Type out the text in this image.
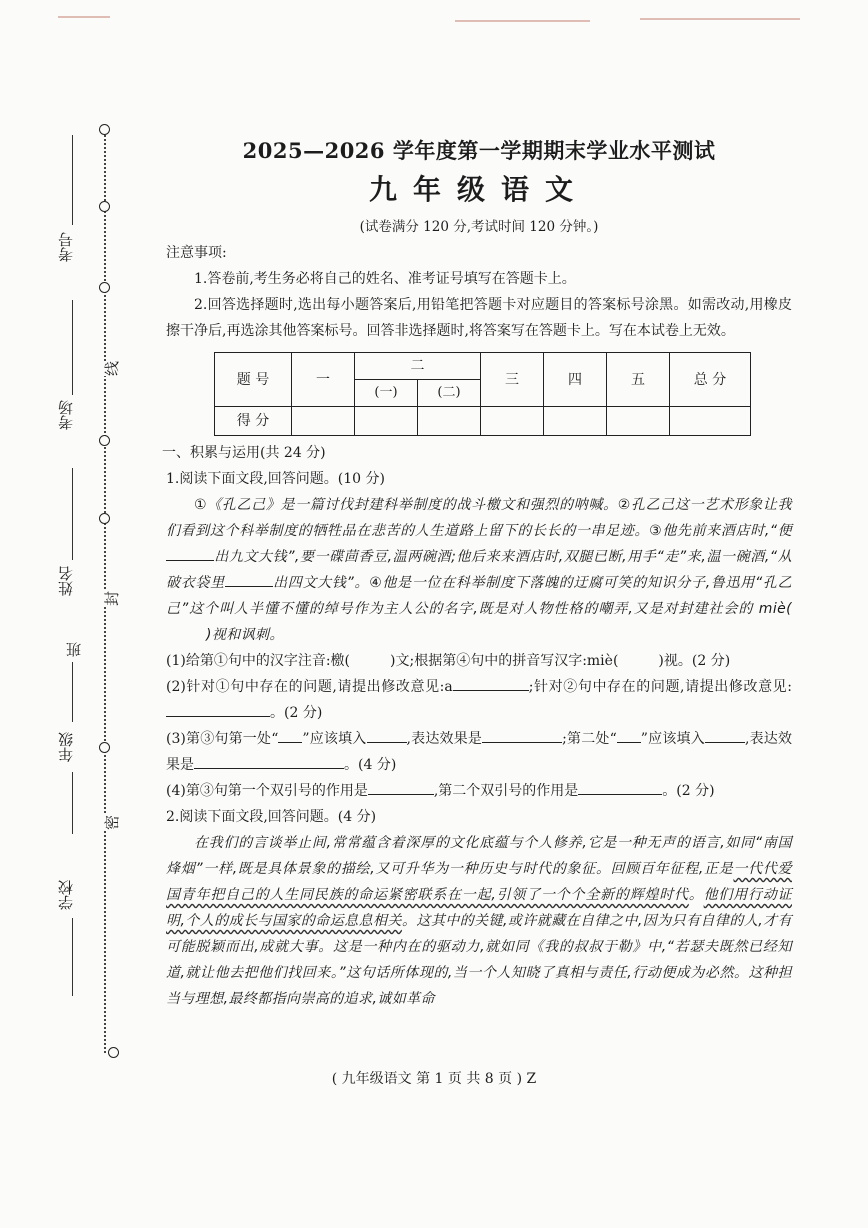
线
封
密
考号
考场
姓名
班
年级
学校
2025—2026 学年度第一学期期末学业水平测试
九年级语文
(试卷满分 120 分,考试时间 120 分钟。)
注意事项:
1.答卷前,考生务必将自己的姓名、准考证号填写在答题卡上。
2.回答选择题时,选出每小题答案后,用铅笔把答题卡对应题目的答案标号涂黑。如需改动,用橡皮擦干净后,再选涂其他答案标号。回答非选择题时,将答案写在答题卡上。写在本试卷上无效。
题 号	一	二		三	四	五	总 分
		(一)	(二)				
得 分							
一、积累与运用(共 24 分)
1.阅读下面文段,回答问题。(10 分)
①《孔乙己》是一篇讨伐封建科举制度的战斗檄文和强烈的呐喊。②孔乙己这一艺术形象让我们看到这个科举制度的牺牲品在悲苦的人生道路上留下的长长的一串足迹。③他先前来酒店时,“便出九文大钱”,要一碟茴香豆,温两碗酒;他后来来酒店时,双腿已断,用手“走”来,温一碗酒,“从破衣袋里	出四文大钱”。④他是一位在科举制度下落魄的迂腐可笑的知识分子,鲁迅用“孔乙己”这个叫人半懂不懂的绰号作为主人公的名字,既是对人物性格的嘲弄,又是对封建社会的 miè()视和讽刺。
(1)给第①句中的汉字注音:檄(	)文;根据第④句中的拼音写汉字:miè(	)视。(2 分)
(2)针对①句中存在的问题,请提出修改意见:a	;针对②句中存在的问题,请提出修改意见:。(2 分)
(3)第③句第一处“ ”应该填入	,表达效果是	;第二处“ ”应该填入	,表达效果是	。(4 分)
(4)第③句第一个双引号的作用是	,第二个双引号的作用是	。(2 分)
2.阅读下面文段,回答问题。(4 分)
在我们的言谈举止间,常常蕴含着深厚的文化底蕴与个人修养,它是一种无声的语言,如同“南国烽烟”一样,既是具体景象的描绘,又可升华为一种历史与时代的象征。回顾百年征程,正是一代代爱国青年把自己的人生同民族的命运紧密联系在一起,引领了一个个全新的辉煌时代。他们用行动证明,个人的成长与国家的命运息息相关。这其中的关键,或许就藏在自律之中,因为只有自律的人,才有可能脱颖而出,成就大事。这是一种内在的驱动力,就如同《我的叔叔于勒》中,“若瑟夫既然已经知道,就让他去把他们找回来。”这句话所体现的,当一个人知晓了真相与责任,行动便成为必然。这种担当与理想,最终都指向崇高的追求,诚如革命
( 九年级语文 第 1 页 共 8 页 ) Z
